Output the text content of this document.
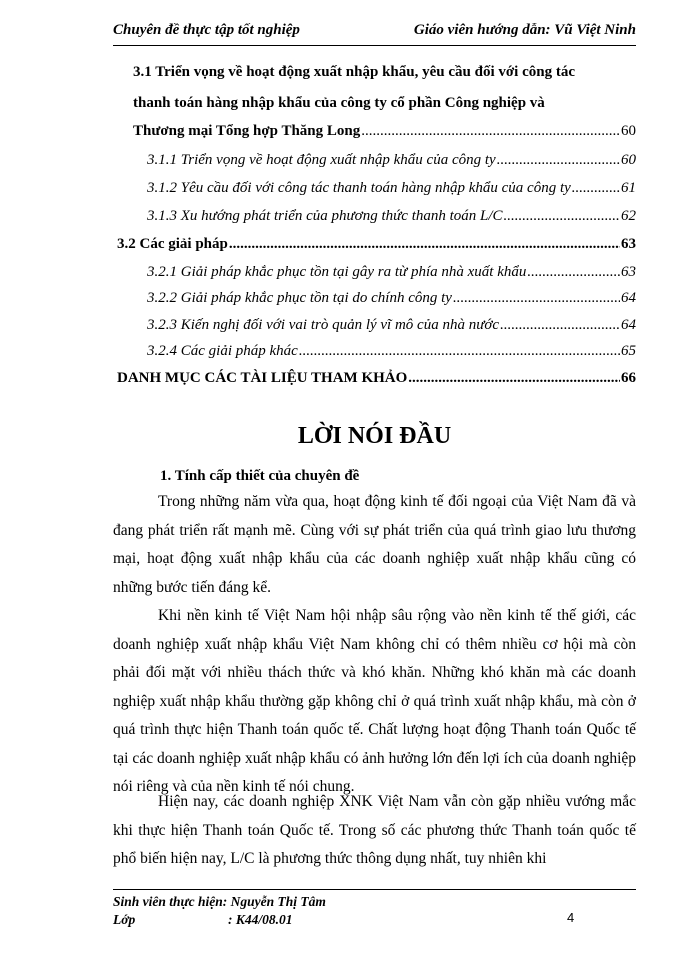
Chuyên đề thực tập tốt nghiệp	Giáo viên hướng dẫn: Vũ Việt Ninh
3.1 Triển vọng về hoạt động xuất nhập khẩu, yêu cầu đối với công tác
thanh toán hàng nhập khẩu của công ty cổ phần Công nghiệp và
Thương mại Tổng hợp Thăng Long .....	60
3.1.1 Triển vọng về hoạt động xuất nhập khẩu của công ty .....	60
3.1.2 Yêu cầu đối với công tác thanh toán hàng nhập khẩu của công ty .....	61
3.1.3 Xu hướng phát triển của phương thức thanh toán L/C .....	62
3.2 Các giải pháp .....	63
3.2.1 Giải pháp khắc phục tồn tại gây ra từ phía nhà xuất khẩu .....	63
3.2.2 Giải pháp khắc phục tồn tại do chính công ty .....	64
3.2.3 Kiến nghị đối với vai trò quản lý vĩ mô của nhà nước .....	64
3.2.4 Các giải pháp khác .....	65
DANH MỤC CÁC TÀI LIỆU THAM KHẢO .....	66
LỜI NÓI ĐẦU
1. Tính cấp thiết của chuyên đề

Trong những năm vừa qua, hoạt động kinh tế đối ngoại của Việt Nam đã và đang phát triển rất mạnh mẽ. Cùng với sự phát triển của quá trình giao lưu thương mại, hoạt động xuất nhập khẩu của các doanh nghiệp xuất nhập khẩu cũng có những bước tiến đáng kể.

Khi nền kinh tế Việt Nam hội nhập sâu rộng vào nền kinh tế thế giới, các doanh nghiệp xuất nhập khẩu Việt Nam không chỉ có thêm nhiều cơ hội mà còn phải đối mặt với nhiều thách thức và khó khăn. Những khó khăn mà các doanh nghiệp xuất nhập khẩu thường gặp không chỉ ở quá trình xuất nhập khẩu, mà còn ở quá trình thực hiện Thanh toán quốc tế. Chất lượng hoạt động Thanh toán Quốc tế tại các doanh nghiệp xuất nhập khẩu có ảnh hưởng lớn đến lợi ích của doanh nghiệp nói riêng và của nền kinh tế nói chung.

Hiện nay, các doanh nghiệp XNK Việt Nam vẫn còn gặp nhiều vướng mắc khi thực hiện Thanh toán Quốc tế. Trong số các phương thức Thanh toán quốc tế phổ biến hiện nay, L/C là phương thức thông dụng nhất, tuy nhiên khi

Sinh viên thực hiện: Nguyễn Thị Tâm
Lớp	: K44/08.01	4
